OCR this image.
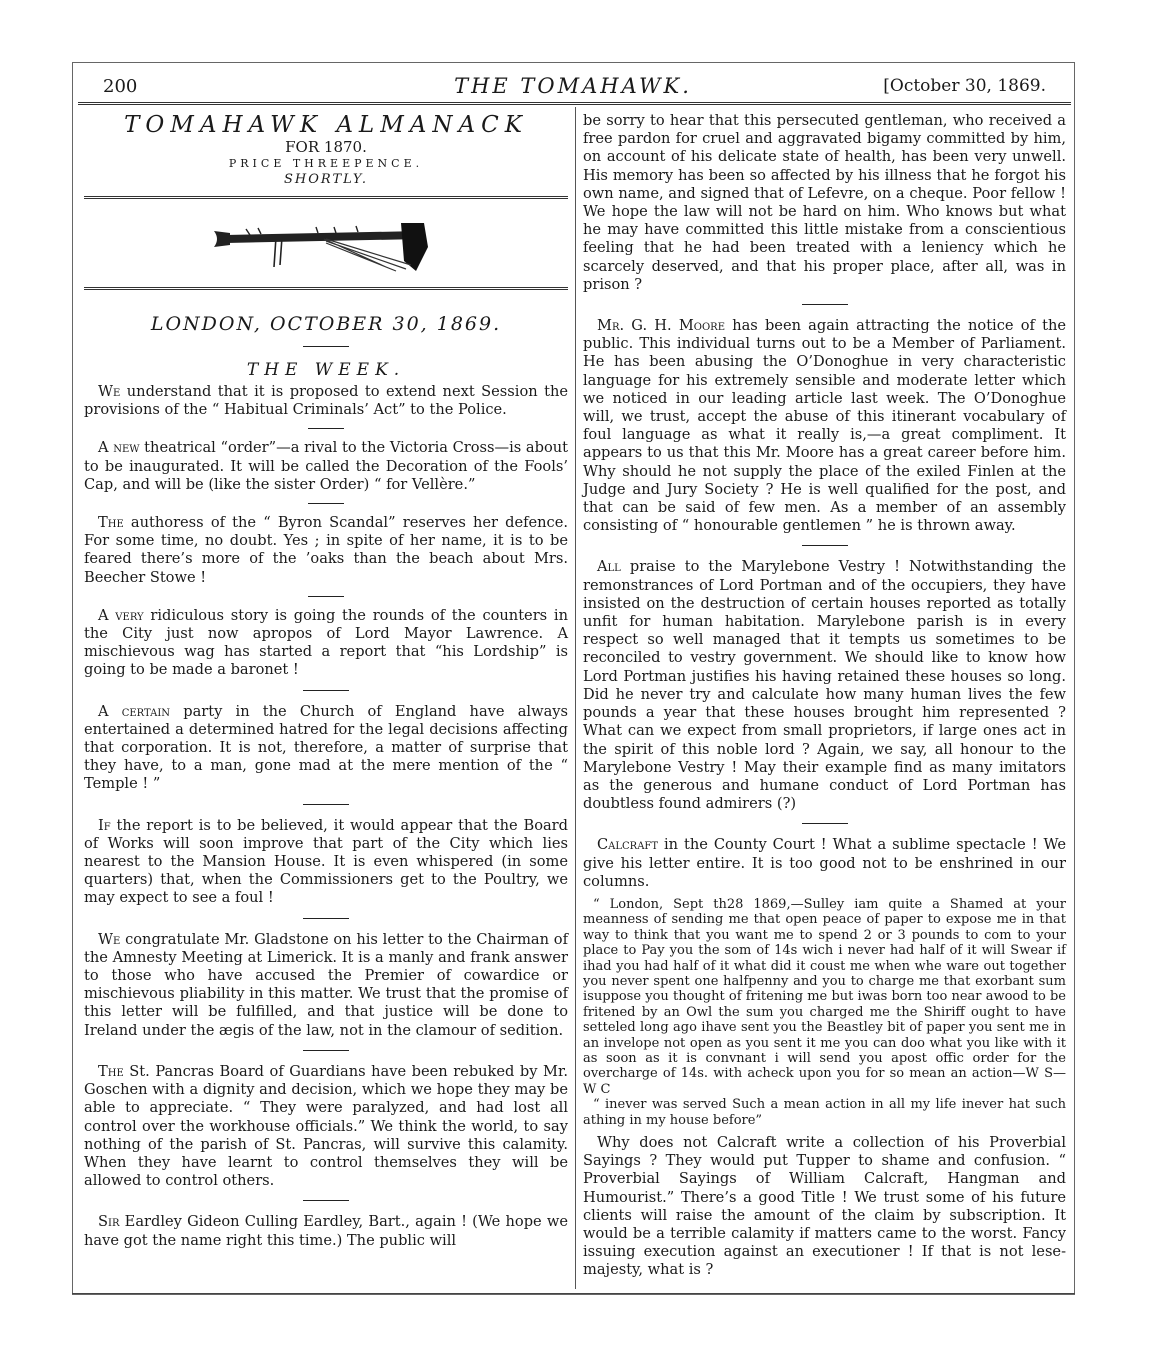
200	THE TOMAHAWK.	[October 30, 1869.
TOMAHAWK ALMANACK
FOR 1870.
PRICE THREEPENCE.
SHORTLY.
LONDON, OCTOBER 30, 1869.
THE WEEK.

We understand that it is proposed to extend next Session the provisions of the “ Habitual Criminals’ Act” to the Police.

A new theatrical “order”—a rival to the Victoria Cross—is about to be inaugurated. It will be called the Decoration of the Fools’ Cap, and will be (like the sister Order) “ for Vellère.”

The authoress of the “ Byron Scandal” reserves her defence. For some time, no doubt. Yes ; in spite of her name, it is to be feared there’s more of the ’oaks than the beach about Mrs. Beecher Stowe !

A very ridiculous story is going the rounds of the counters in the City just now apropos of Lord Mayor Lawrence. A mischievous wag has started a report that “his Lordship” is going to be made a baronet !

A certain party in the Church of England have always entertained a determined hatred for the legal decisions affecting that corporation. It is not, therefore, a matter of surprise that they have, to a man, gone mad at the mere mention of the “ Temple ! ”

If the report is to be believed, it would appear that the Board of Works will soon improve that part of the City which lies nearest to the Mansion House. It is even whispered (in some quarters) that, when the Commissioners get to the Poultry, we may expect to see a foul !

We congratulate Mr. Gladstone on his letter to the Chairman of the Amnesty Meeting at Limerick. It is a manly and frank answer to those who have accused the Premier of cowardice or mischievous pliability in this matter. We trust that the promise of this letter will be fulfilled, and that justice will be done to Ireland under the ægis of the law, not in the clamour of sedition.

The St. Pancras Board of Guardians have been rebuked by Mr. Goschen with a dignity and decision, which we hope they may be able to appreciate. “ They were paralyzed, and had lost all control over the workhouse officials.” We think the world, to say nothing of the parish of St. Pancras, will survive this calamity. When they have learnt to control themselves they will be allowed to control others.

Sir Eardley Gideon Culling Eardley, Bart., again ! (We hope we have got the name right this time.) The public will

be sorry to hear that this persecuted gentleman, who received a free pardon for cruel and aggravated bigamy committed by him, on account of his delicate state of health, has been very unwell. His memory has been so affected by his illness that he forgot his own name, and signed that of Lefevre, on a cheque. Poor fellow ! We hope the law will not be hard on him. Who knows but what he may have committed this little mistake from a conscientious feeling that he had been treated with a leniency which he scarcely deserved, and that his proper place, after all, was in prison ?

Mr. G. H. Moore has been again attracting the notice of the public. This individual turns out to be a Member of Parliament. He has been abusing the O’Donoghue in very characteristic language for his extremely sensible and moderate letter which we noticed in our leading article last week. The O’Donoghue will, we trust, accept the abuse of this itinerant vocabulary of foul language as what it really is,—a great compliment. It appears to us that this Mr. Moore has a great career before him. Why should he not supply the place of the exiled Finlen at the Judge and Jury Society ? He is well qualified for the post, and that can be said of few men. As a member of an assembly consisting of “ honourable gentlemen ” he is thrown away.

All praise to the Marylebone Vestry ! Notwithstanding the remonstrances of Lord Portman and of the occupiers, they have insisted on the destruction of certain houses reported as totally unfit for human habitation. Marylebone parish is in every respect so well managed that it tempts us sometimes to be reconciled to vestry government. We should like to know how Lord Portman justifies his having retained these houses so long. Did he never try and calculate how many human lives the few pounds a year that these houses brought him represented ? What can we expect from small proprietors, if large ones act in the spirit of this noble lord ? Again, we say, all honour to the Marylebone Vestry ! May their example find as many imitators as the generous and humane conduct of Lord Portman has doubtless found admirers (?)

Calcraft in the County Court ! What a sublime spectacle ! We give his letter entire. It is too good not to be enshrined in our columns.

“ London, Sept th28 1869,—Sulley iam quite a Shamed at your meanness of sending me that open peace of paper to expose me in that way to think that you want me to spend 2 or 3 pounds to com to your place to Pay you the som of 14s wich i never had half of it will Swear if ihad you had half of it what did it coust me when whe ware out together you never spent one halfpenny and you to charge me that exorbant sum isuppose you thought of fritening me but iwas born too near awood to be fritened by an Owl the sum you charged me the Shiriff ought to have setteled long ago ihave sent you the Beastley bit of paper you sent me in an invelope not open as you sent it me you can doo what you like with it as soon as it is convnant i will send you apost offic order for the overcharge of 14s. with acheck upon you for so mean an action—W S—W C

“ inever was served Such a mean action in all my life inever hat such athing in my house before”

Why does not Calcraft write a collection of his Proverbial Sayings ? They would put Tupper to shame and confusion. “ Proverbial Sayings of William Calcraft, Hangman and Humourist.” There’s a good Title ! We trust some of his future clients will raise the amount of the claim by subscription. It would be a terrible calamity if matters came to the worst. Fancy issuing execution against an executioner ! If that is not lese-majesty, what is ?
